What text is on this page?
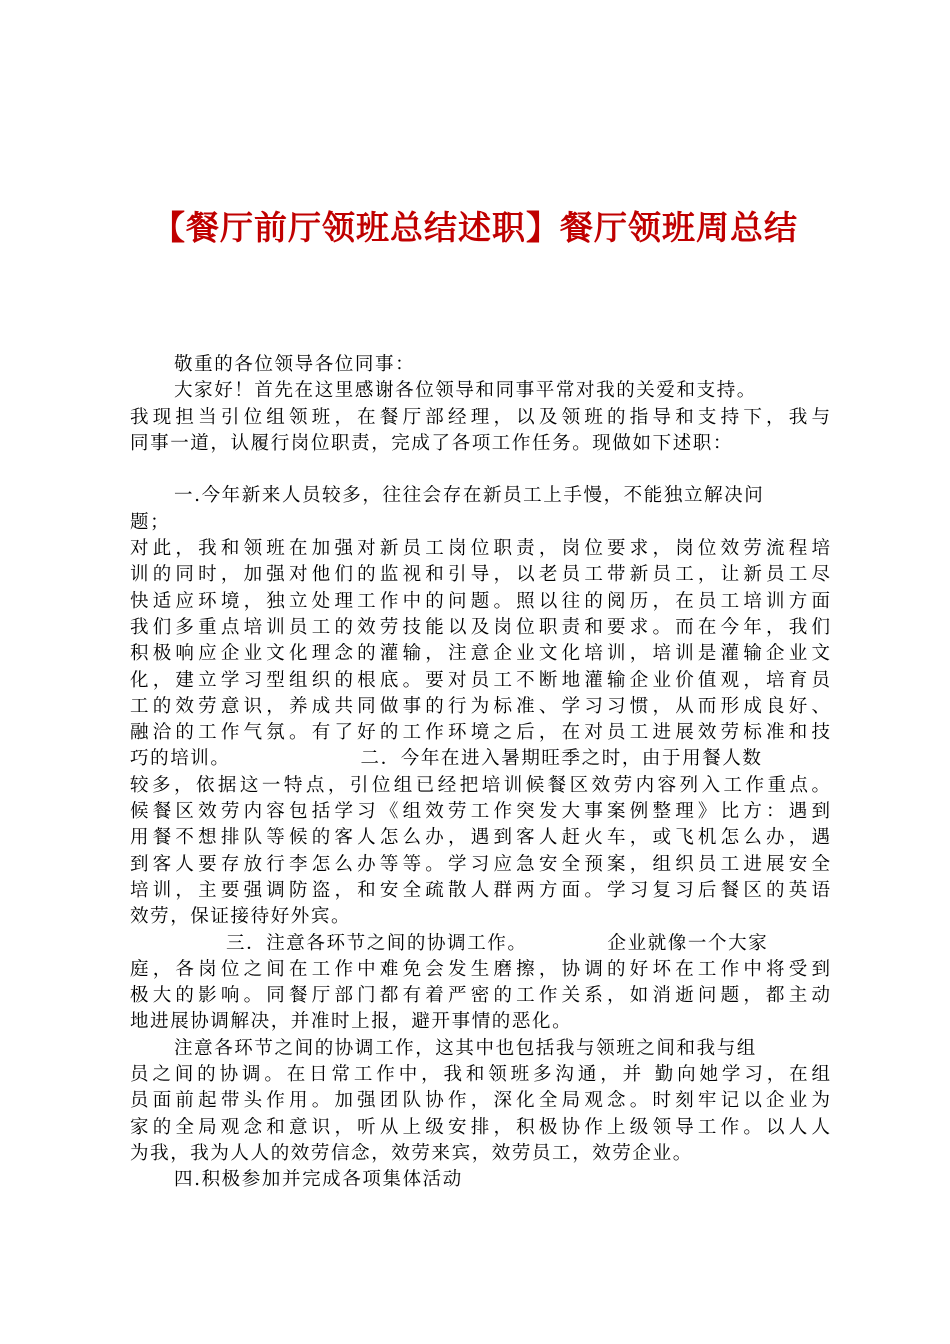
【餐厅前厅领班总结述职】餐厅领班周总结
敬重的各位领导各位同事：
大家好！首先在这里感谢各位领导和同事平常对我的关爱和支持。
我现担当引位组领班，在餐厅部经理，以及领班的指导和支持下，我与
同事一道，认履行岗位职责，完成了各项工作任务。现做如下述职：
一.今年新来人员较多，往往会存在新员工上手慢，不能独立解决问
题；
对此，我和领班在加强对新员工岗位职责，岗位要求，岗位效劳流程培
训的同时，加强对他们的监视和引导，以老员工带新员工，让新员工尽
快适应环境，独立处理工作中的问题。照以往的阅历，在员工培训方面
我们多重点培训员工的效劳技能以及岗位职责和要求。而在今年，我们
积极响应企业文化理念的灌输，注意企业文化培训，培训是灌输企业文
化，建立学习型组织的根底。要对员工不断地灌输企业价值观，培育员
工的效劳意识，养成共同做事的行为标准、学习习惯，从而形成良好、
融洽的工作气氛。有了好的工作环境之后，在对员工进展效劳标准和技
巧的培训。	二．今年在进入暑期旺季之时，由于用餐人数
较多，依据这一特点，引位组已经把培训候餐区效劳内容列入工作重点。
候餐区效劳内容包括学习《组效劳工作突发大事案例整理》比方：遇到
用餐不想排队等候的客人怎么办，遇到客人赶火车，或飞机怎么办，遇
到客人要存放行李怎么办等等。学习应急安全预案，组织员工进展安全
培训，主要强调防盗，和安全疏散人群两方面。学习复习后餐区的英语
效劳，保证接待好外宾。
三．注意各环节之间的协调工作。	企业就像一个大家
庭，各岗位之间在工作中难免会发生磨擦，协调的好坏在工作中将受到
极大的影响。同餐厅部门都有着严密的工作关系，如消逝问题，都主动
地进展协调解决，并准时上报，避开事情的恶化。
注意各环节之间的协调工作，这其中也包括我与领班之间和我与组
员之间的协调。在日常工作中，我和领班多沟通，并 勤向她学习，在组
员面前起带头作用。加强团队协作，深化全局观念。时刻牢记以企业为
家的全局观念和意识，听从上级安排，积极协作上级领导工作。以人人
为我，我为人人的效劳信念，效劳来宾，效劳员工，效劳企业。
四.积极参加并完成各项集体活动
